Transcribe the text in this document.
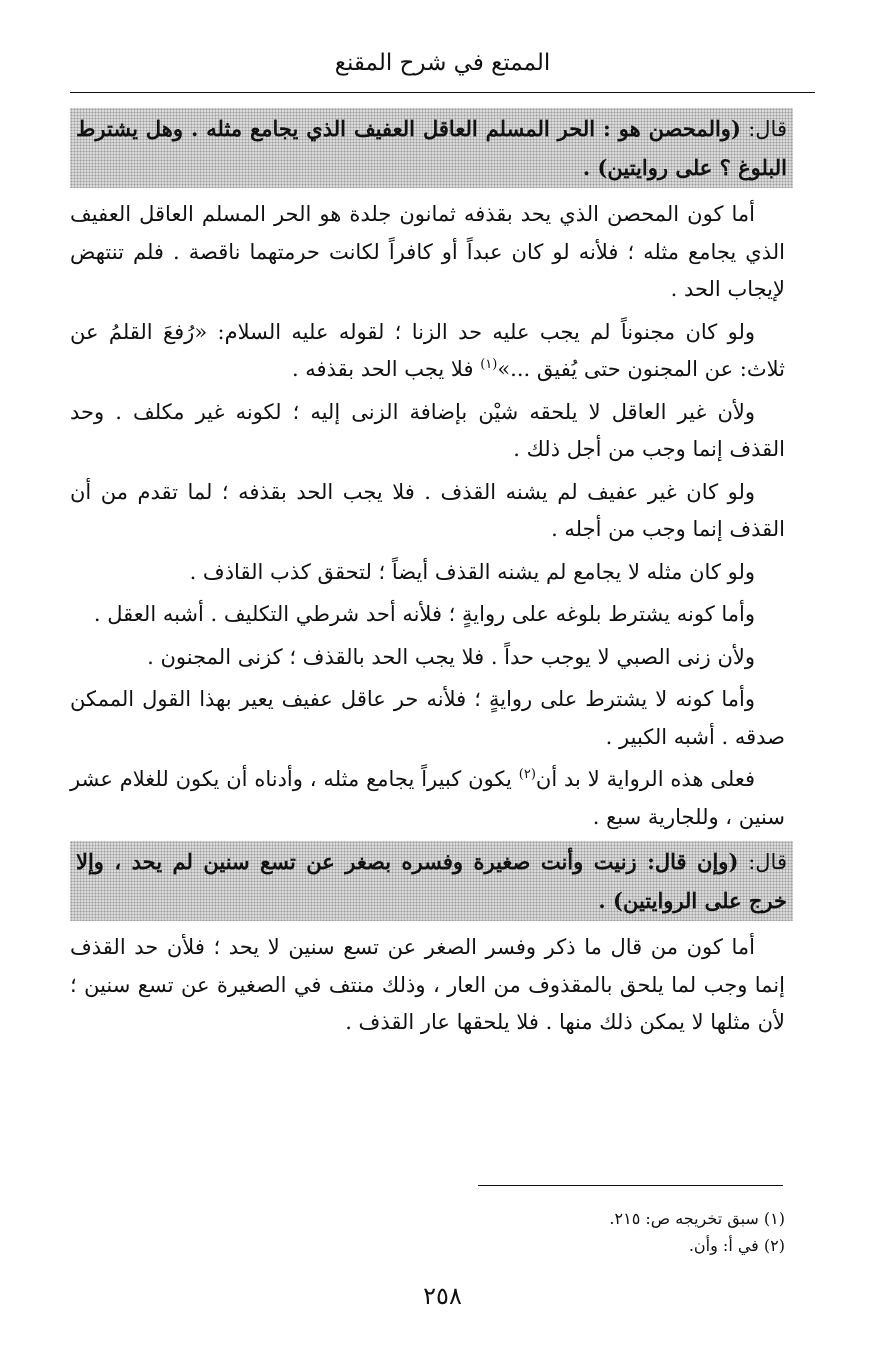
الممتع في شرح المقنع

قال: (والمحصن هو : الحر المسلم العاقل العفيف الذي يجامع مثله . وهل يشترط البلوغ ؟ على روايتين) .

أما كون المحصن الذي يحد بقذفه ثمانون جلدة هو الحر المسلم العاقل العفيف الذي يجامع مثله ؛ فلأنه لو كان عبداً أو كافراً لكانت حرمتهما ناقصة . فلم تنتهض لإيجاب الحد .

ولو كان مجنوناً لم يجب عليه حد الزنا ؛ لقوله عليه السلام: «رُفعَ القلمُ عن ثلاث: عن المجنون حتى يُفيق ...»$^{(١)}$ فلا يجب الحد بقذفه .

ولأن غير العاقل لا يلحقه شيْن بإضافة الزنى إليه ؛ لكونه غير مكلف . وحد القذف إنما وجب من أجل ذلك .

ولو كان غير عفيف لم يشنه القذف . فلا يجب الحد بقذفه ؛ لما تقدم من أن القذف إنما وجب من أجله .

ولو كان مثله لا يجامع لم يشنه القذف أيضاً ؛ لتحقق كذب القاذف .

وأما كونه يشترط بلوغه على روايةٍ ؛ فلأنه أحد شرطي التكليف . أشبه العقل .

ولأن زنى الصبي لا يوجب حداً . فلا يجب الحد بالقذف ؛ كزنى المجنون .

وأما كونه لا يشترط على روايةٍ ؛ فلأنه حر عاقل عفيف يعير بهذا القول الممكن صدقه . أشبه الكبير .

فعلى هذه الرواية لا بد أن$^{(٢)}$ يكون كبيراً يجامع مثله ، وأدناه أن يكون للغلام عشر سنين ، وللجارية سبع .

قال: (وإن قال: زنيت وأنت صغيرة وفسره بصغر عن تسع سنين لم يحد ، وإلا خرج على الروايتين) .

أما كون من قال ما ذكر وفسر الصغر عن تسع سنين لا يحد ؛ فلأن حد القذف إنما وجب لما يلحق بالمقذوف من العار ، وذلك منتف في الصغيرة عن تسع سنين ؛ لأن مثلها لا يمكن ذلك منها . فلا يلحقها عار القذف .

(١) سبق تخريجه ص: ٢١٥.
(٢) في أ: وأن.
٢٥٨
